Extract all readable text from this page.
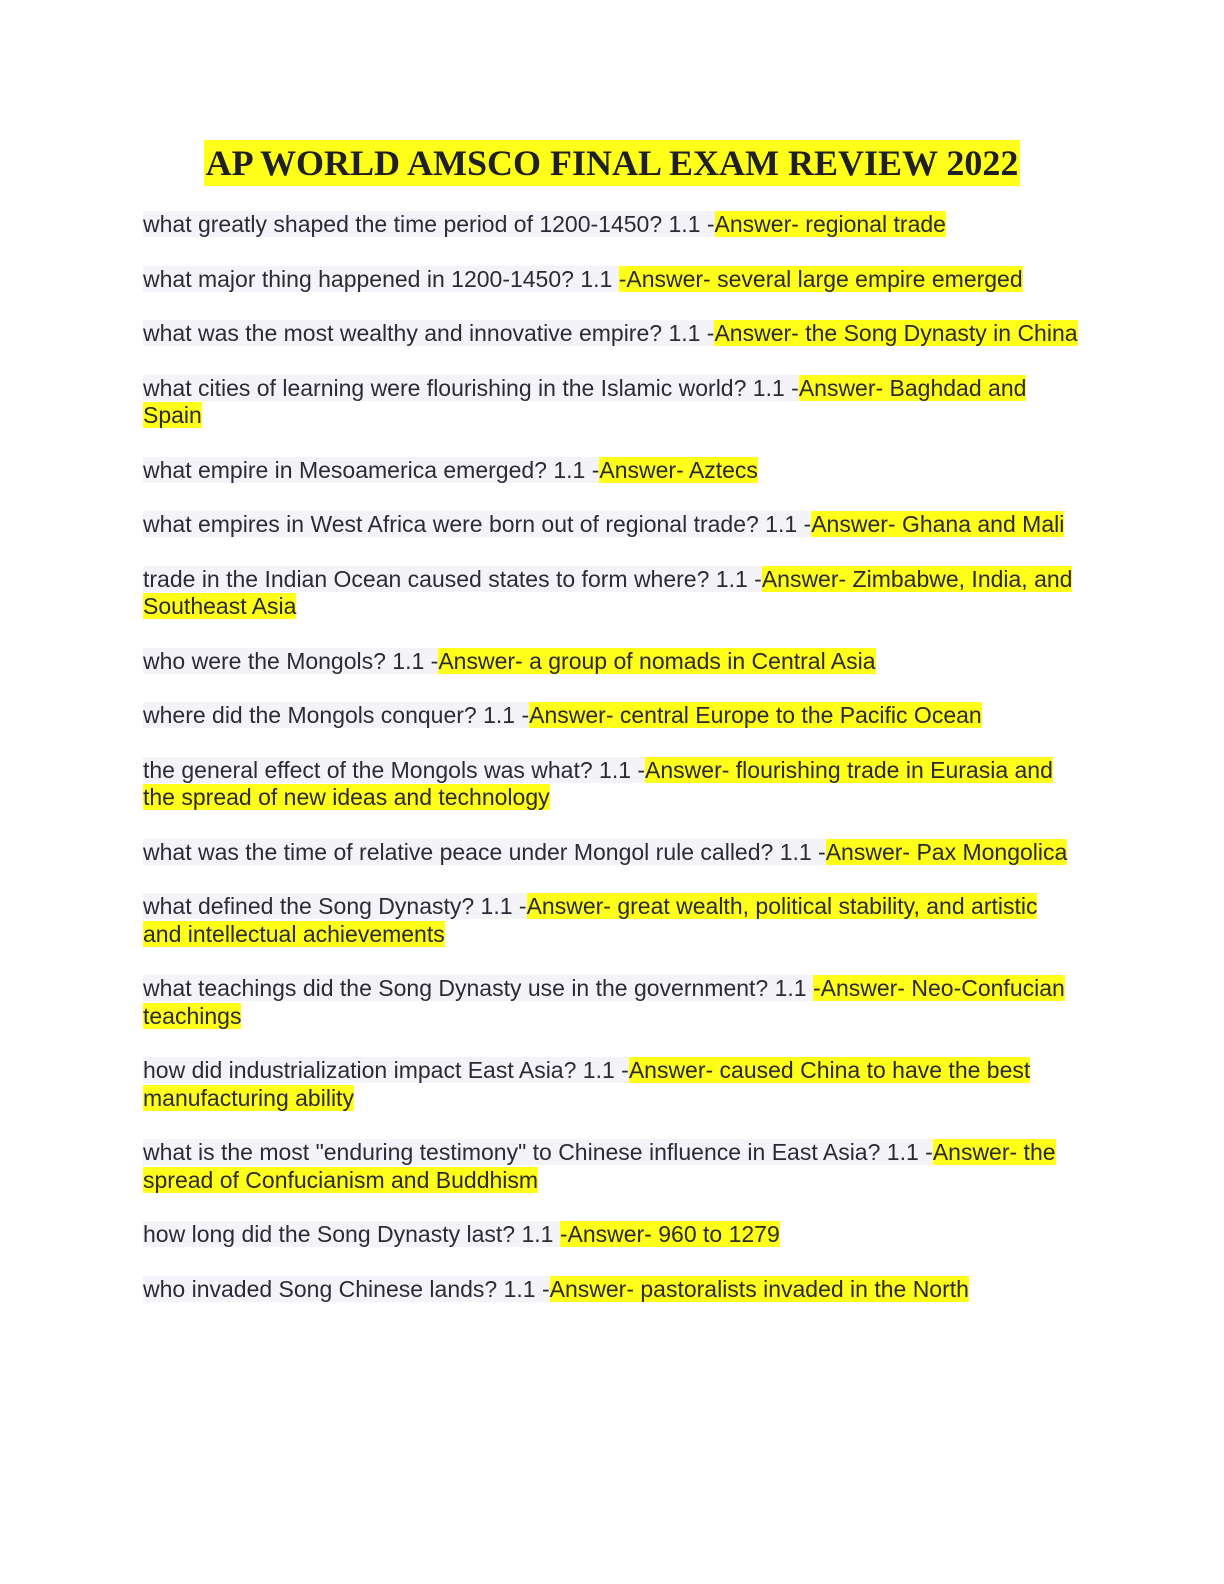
AP WORLD AMSCO FINAL EXAM REVIEW 2022

what greatly shaped the time period of 1200-1450? 1.1 -Answer- regional trade

what major thing happened in 1200-1450? 1.1 -Answer- several large empire emerged

what was the most wealthy and innovative empire? 1.1 -Answer- the Song Dynasty in China

what cities of learning were flourishing in the Islamic world? 1.1 -Answer- Baghdad and Spain

what empire in Mesoamerica emerged? 1.1 -Answer- Aztecs

what empires in West Africa were born out of regional trade? 1.1 -Answer- Ghana and Mali

trade in the Indian Ocean caused states to form where? 1.1 -Answer- Zimbabwe, India, and Southeast Asia

who were the Mongols? 1.1 -Answer- a group of nomads in Central Asia

where did the Mongols conquer? 1.1 -Answer- central Europe to the Pacific Ocean

the general effect of the Mongols was what? 1.1 -Answer- flourishing trade in Eurasia and the spread of new ideas and technology

what was the time of relative peace under Mongol rule called? 1.1 -Answer- Pax Mongolica

what defined the Song Dynasty? 1.1 -Answer- great wealth, political stability, and artistic and intellectual achievements

what teachings did the Song Dynasty use in the government? 1.1 -Answer- Neo-Confucian teachings

how did industrialization impact East Asia? 1.1 -Answer- caused China to have the best manufacturing ability

what is the most "enduring testimony" to Chinese influence in East Asia? 1.1 -Answer- the spread of Confucianism and Buddhism

how long did the Song Dynasty last? 1.1 -Answer- 960 to 1279

who invaded Song Chinese lands? 1.1 -Answer- pastoralists invaded in the North
